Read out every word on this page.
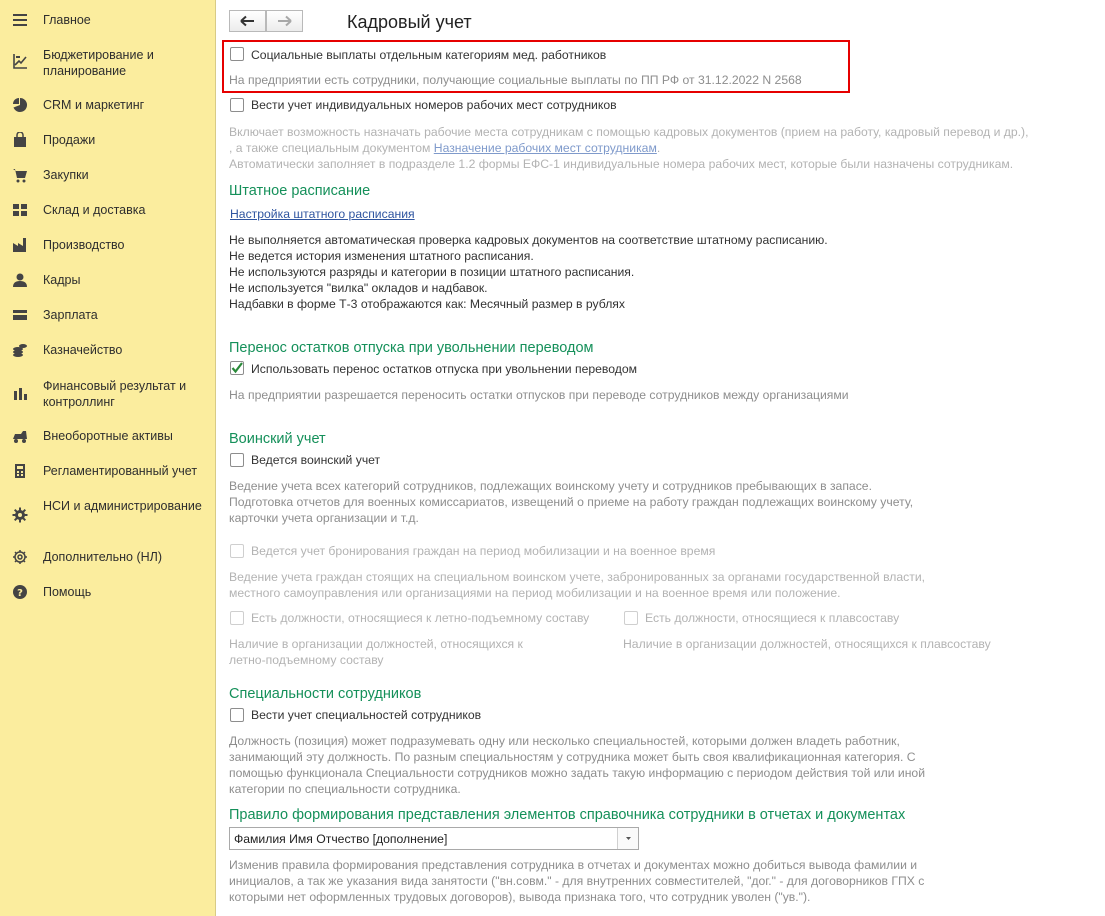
Главное
Бюджетирование и планирование
CRM и маркетинг
Продажи
Закупки
Склад и доставка
Производство
Кадры
Зарплата
Казначейство
Финансовый результат и контроллинг
Внеоборотные активы
Регламентированный учет
НСИ и администрирование
Дополнительно (НЛ)
? Помощь
Кадровый учет
Социальные выплаты отдельным категориям мед. работников
На предприятии есть сотрудники, получающие социальные выплаты по ПП РФ от 31.12.2022 N 2568
Вести учет индивидуальных номеров рабочих мест сотрудников
Включает возможность назначать рабочие места сотрудникам с помощью кадровых документов (прием на работу, кадровый перевод и др.),
, а также специальным документом Назначение рабочих мест сотрудникам.
Автоматически заполняет в подразделе 1.2 формы ЕФС-1 индивидуальные номера рабочих мест, которые были назначены сотрудникам.
Штатное расписание
Настройка штатного расписания
Не выполняется автоматическая проверка кадровых документов на соответствие штатному расписанию.
Не ведется история изменения штатного расписания.
Не используются разряды и категории в позиции штатного расписания.
Не используется "вилка" окладов и надбавок.
Надбавки в форме Т-3 отображаются как: Месячный размер в рублях
Перенос остатков отпуска при увольнении переводом
Использовать перенос остатков отпуска при увольнении переводом
На предприятии разрешается переносить остатки отпусков при переводе сотрудников между организациями
Воинский учет
Ведется воинский учет
Ведение учета всех категорий сотрудников, подлежащих воинскому учету и сотрудников пребывающих в запасе.
Подготовка отчетов для военных комиссариатов, извещений о приеме на работу граждан подлежащих воинскому учету,
карточки учета организации и т.д.
Ведется учет бронирования граждан на период мобилизации и на военное время
Ведение учета граждан стоящих на специальном воинском учете, забронированных за органами государственной власти,
местного самоуправления или организациями на период мобилизации и на военное время или положение.
Есть должности, относящиеся к летно-подъемному составу
Наличие в организации должностей, относящихся к
летно-подъемному составу
Есть должности, относящиеся к плавсоставу
Наличие в организации должностей, относящихся к плавсоставу
Специальности сотрудников
Вести учет специальностей сотрудников
Должность (позиция) может подразумевать одну или несколько специальностей, которыми должен владеть работник,
занимающий эту должность. По разным специальностям у сотрудника может быть своя квалификационная категория. С
помощью функционала Специальности сотрудников можно задать такую информацию с периодом действия той или иной
категории по специальности сотрудника.
Правило формирования представления элементов справочника сотрудники в отчетах и документах
Фамилия Имя Отчество [дополнение]
Изменив правила формирования представления сотрудника в отчетах и документах можно добиться вывода фамилии и
инициалов, а так же указания вида занятости ("вн.совм." - для внутренних совместителей, "дог." - для договорников ГПХ с
которыми нет оформленных трудовых договоров), вывода признака того, что сотрудник уволен ("ув.").
